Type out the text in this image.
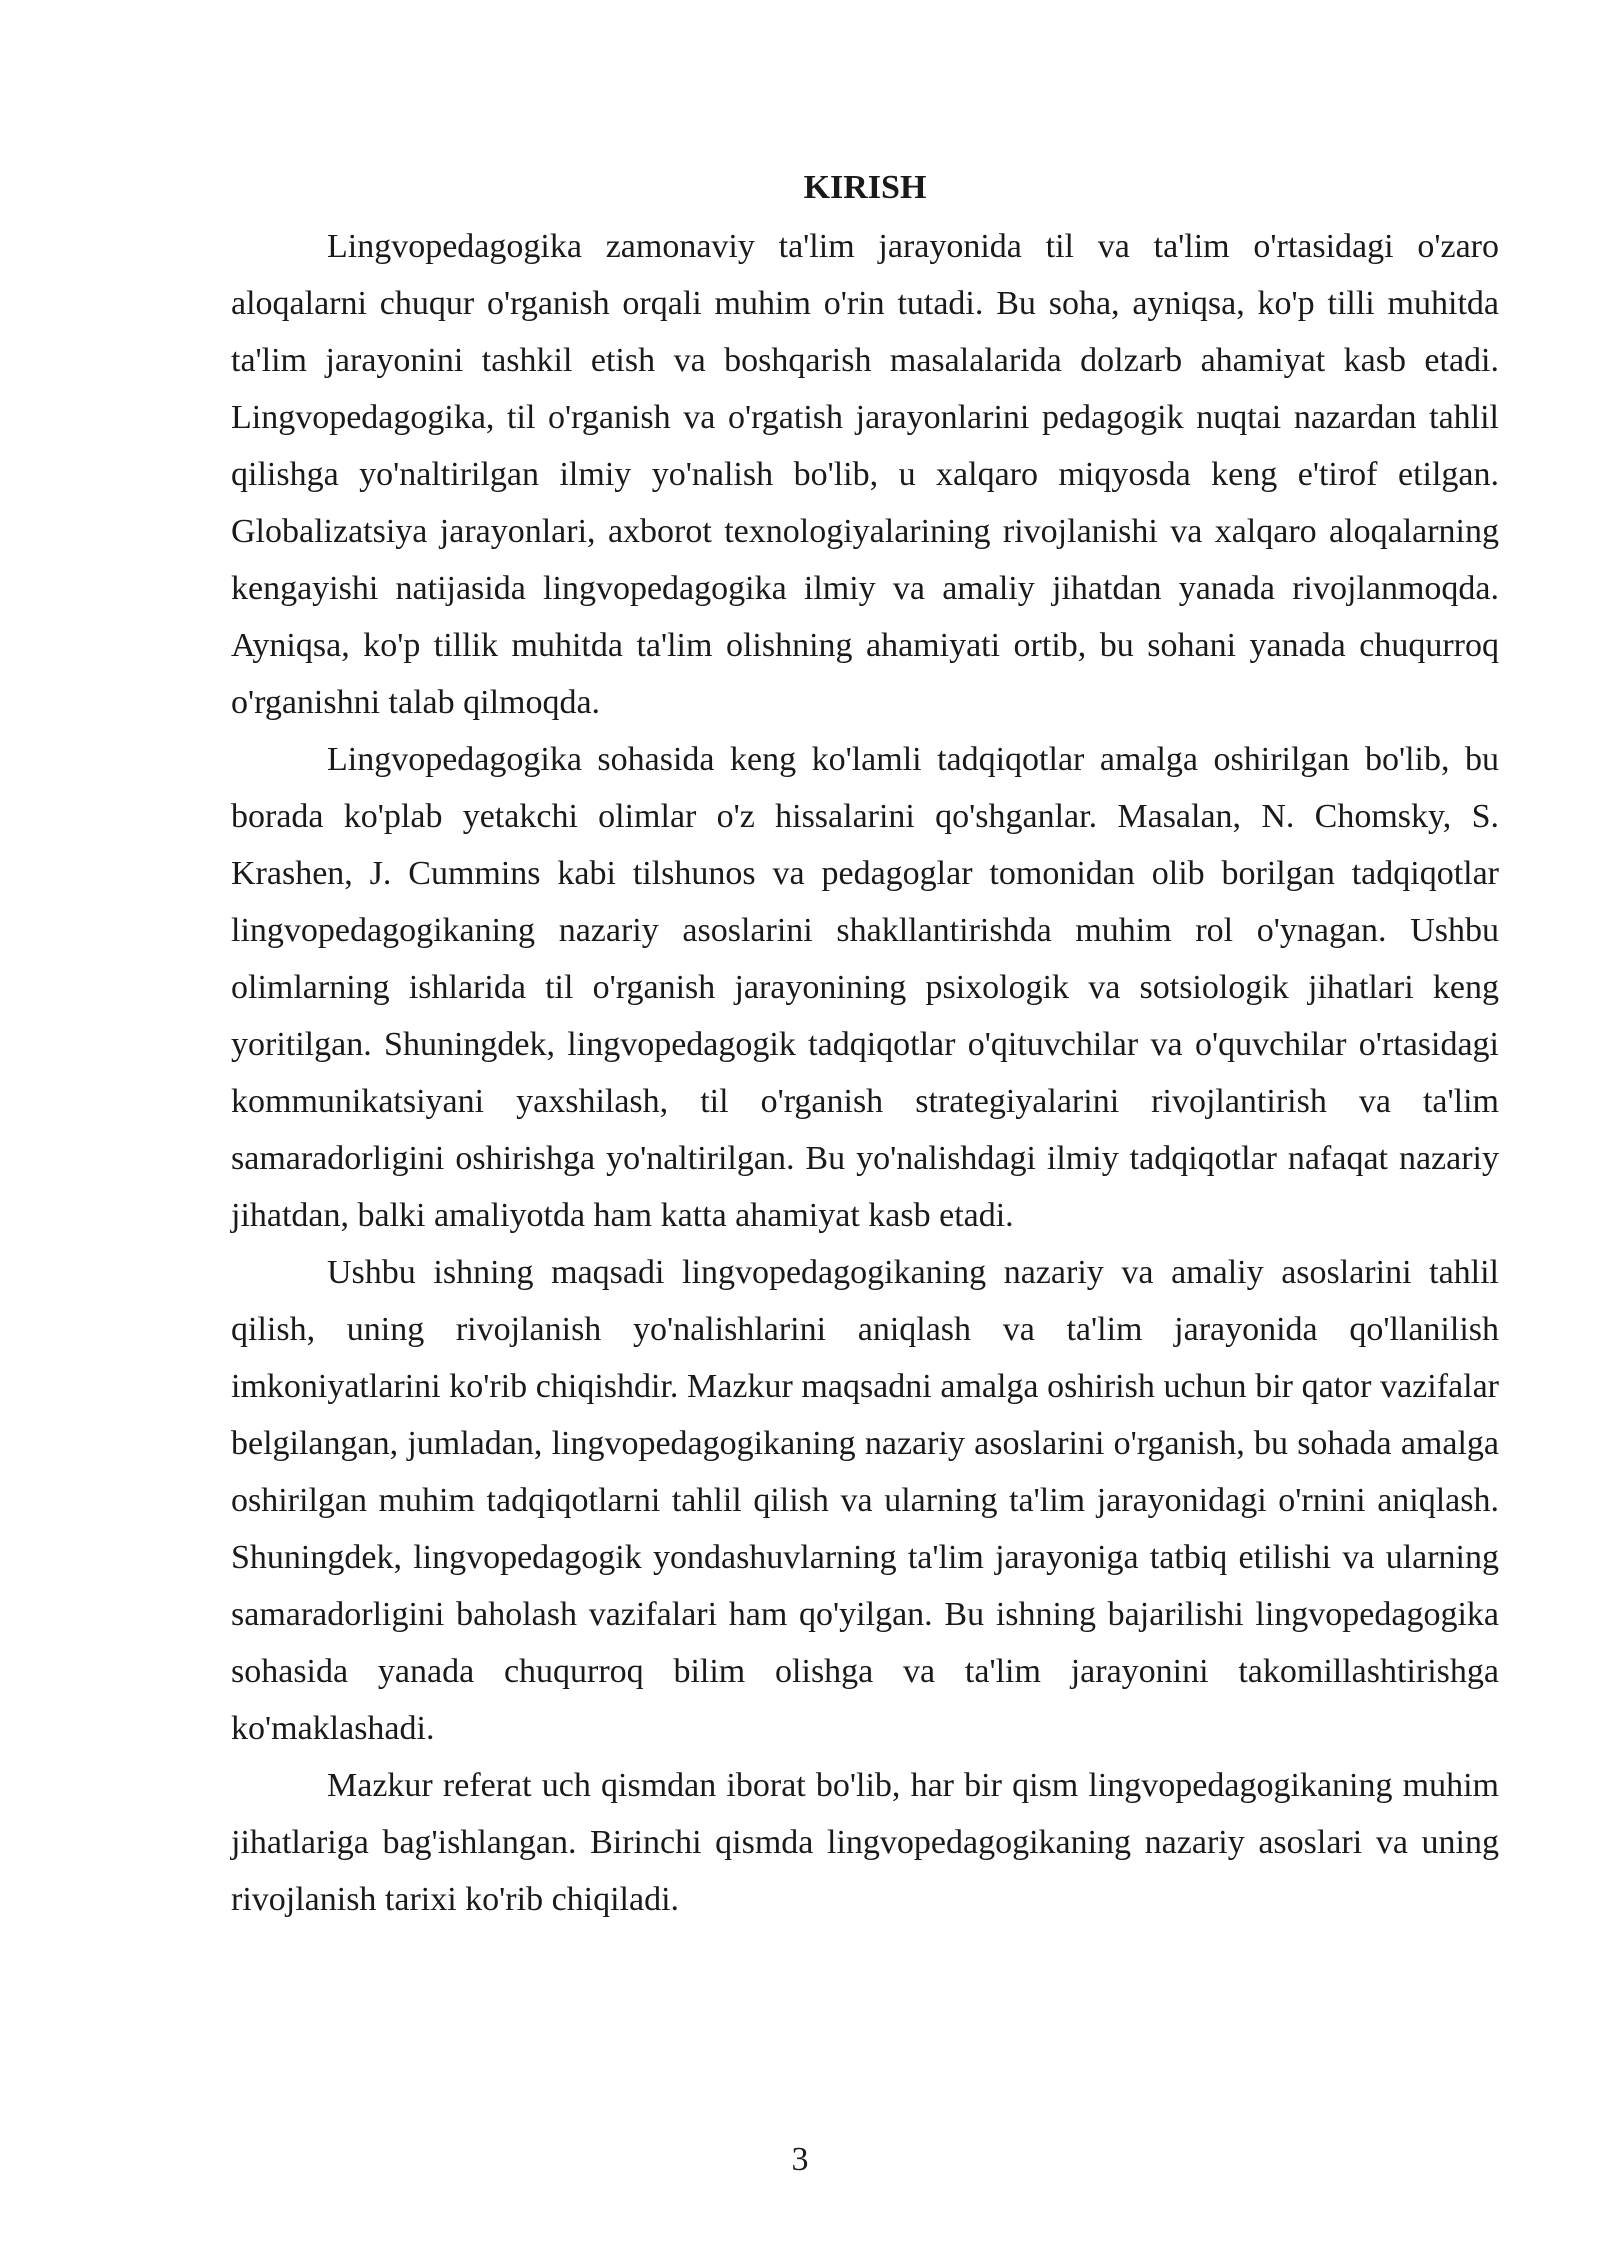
KIRISH

Lingvopedagogika zamonaviy ta'lim jarayonida til va ta'lim o'rtasidagi o'zaro aloqalarni chuqur o'rganish orqali muhim o'rin tutadi. Bu soha, ayniqsa, ko'p tilli muhitda ta'lim jarayonini tashkil etish va boshqarish masalalarida dolzarb ahamiyat kasb etadi. Lingvopedagogika, til o'rganish va o'rgatish jarayonlarini pedagogik nuqtai nazardan tahlil qilishga yo'naltirilgan ilmiy yo'nalish bo'lib, u xalqaro miqyosda keng e'tirof etilgan. Globalizatsiya jarayonlari, axborot texnologiyalarining rivojlanishi va xalqaro aloqalarning kengayishi natijasida lingvopedagogika ilmiy va amaliy jihatdan yanada rivojlanmoqda. Ayniqsa, ko'p tillik muhitda ta'lim olishning ahamiyati ortib, bu sohani yanada chuqurroq o'rganishni talab qilmoqda.

Lingvopedagogika sohasida keng ko'lamli tadqiqotlar amalga oshirilgan bo'lib, bu borada ko'plab yetakchi olimlar o'z hissalarini qo'shganlar. Masalan, N. Chomsky, S. Krashen, J. Cummins kabi tilshunos va pedagoglar tomonidan olib borilgan tadqiqotlar lingvopedagogikaning nazariy asoslarini shakllantirishda muhim rol o'ynagan. Ushbu olimlarning ishlarida til o'rganish jarayonining psixologik va sotsiologik jihatlari keng yoritilgan. Shuningdek, lingvopedagogik tadqiqotlar o'qituvchilar va o'quvchilar o'rtasidagi kommunikatsiyani yaxshilash, til o'rganish strategiyalarini rivojlantirish va ta'lim samaradorligini oshirishga yo'naltirilgan. Bu yo'nalishdagi ilmiy tadqiqotlar nafaqat nazariy jihatdan, balki amaliyotda ham katta ahamiyat kasb etadi.

Ushbu ishning maqsadi lingvopedagogikaning nazariy va amaliy asoslarini tahlil qilish, uning rivojlanish yo'nalishlarini aniqlash va ta'lim jarayonida qo'llanilish imkoniyatlarini ko'rib chiqishdir. Mazkur maqsadni amalga oshirish uchun bir qator vazifalar belgilangan, jumladan, lingvopedagogikaning nazariy asoslarini o'rganish, bu sohada amalga oshirilgan muhim tadqiqotlarni tahlil qilish va ularning ta'lim jarayonidagi o'rnini aniqlash. Shuningdek, lingvopedagogik yondashuvlarning ta'lim jarayoniga tatbiq etilishi va ularning samaradorligini baholash vazifalari ham qo'yilgan. Bu ishning bajarilishi lingvopedagogika sohasida yanada chuqurroq bilim olishga va ta'lim jarayonini takomillashtirishga ko'maklashadi.

Mazkur referat uch qismdan iborat bo'lib, har bir qism lingvopedagogikaning muhim jihatlariga bag'ishlangan. Birinchi qismda lingvopedagogikaning nazariy asoslari va uning rivojlanish tarixi ko'rib chiqiladi.

3
